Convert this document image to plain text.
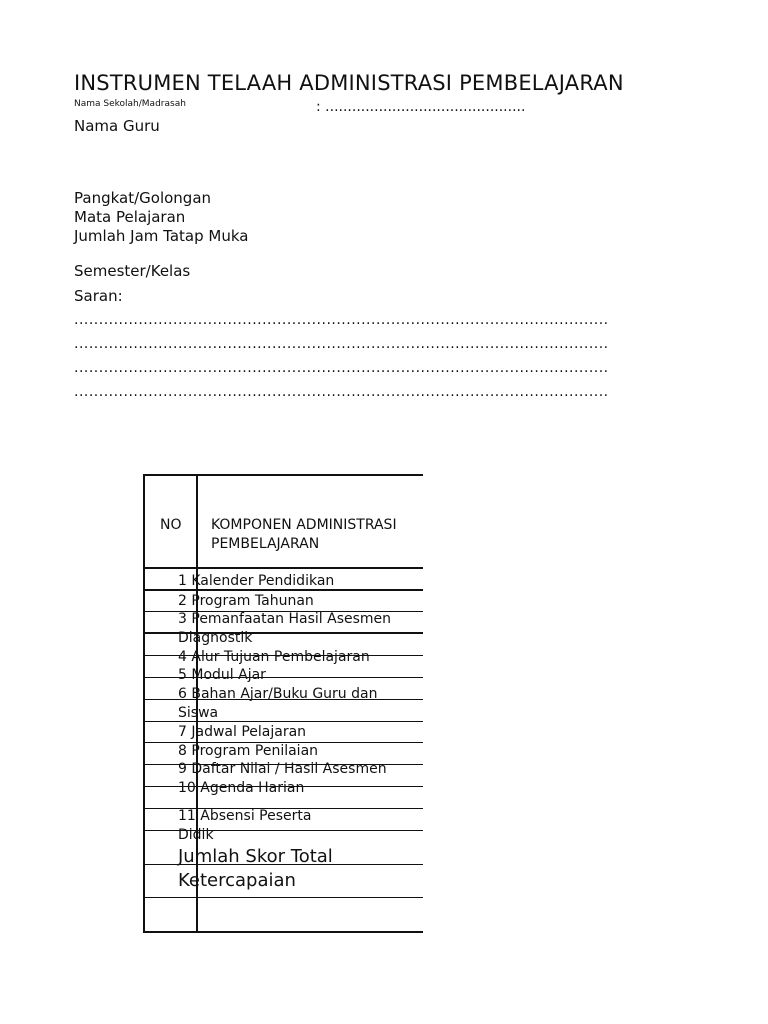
INSTRUMEN TELAAH ADMINISTRASI PEMBELAJARAN
Nama Sekolah/Madrasah	: .............................................
Nama Guru
Pangkat/Golongan
Mata Pelajaran
Jumlah Jam Tatap Muka
Semester/Kelas
Saran:
............................................................................................................
............................................................................................................
............................................................................................................
............................................................................................................
NO KOMPONEN ADMINISTRASI
PEMBELAJARAN
1 Kalender Pendidikan
2 Program Tahunan
3 Pemanfaatan Hasil Asesmen
Diagnostik
4 Alur Tujuan Pembelajaran
5 Modul Ajar
6 Bahan Ajar/Buku Guru dan
Siswa
7 Jadwal Pelajaran
8 Program Penilaian
9 Daftar Nilai / Hasil Asesmen
10 Agenda Harian
11 Absensi Peserta
Didik
Jumlah Skor Total
Ketercapaian
